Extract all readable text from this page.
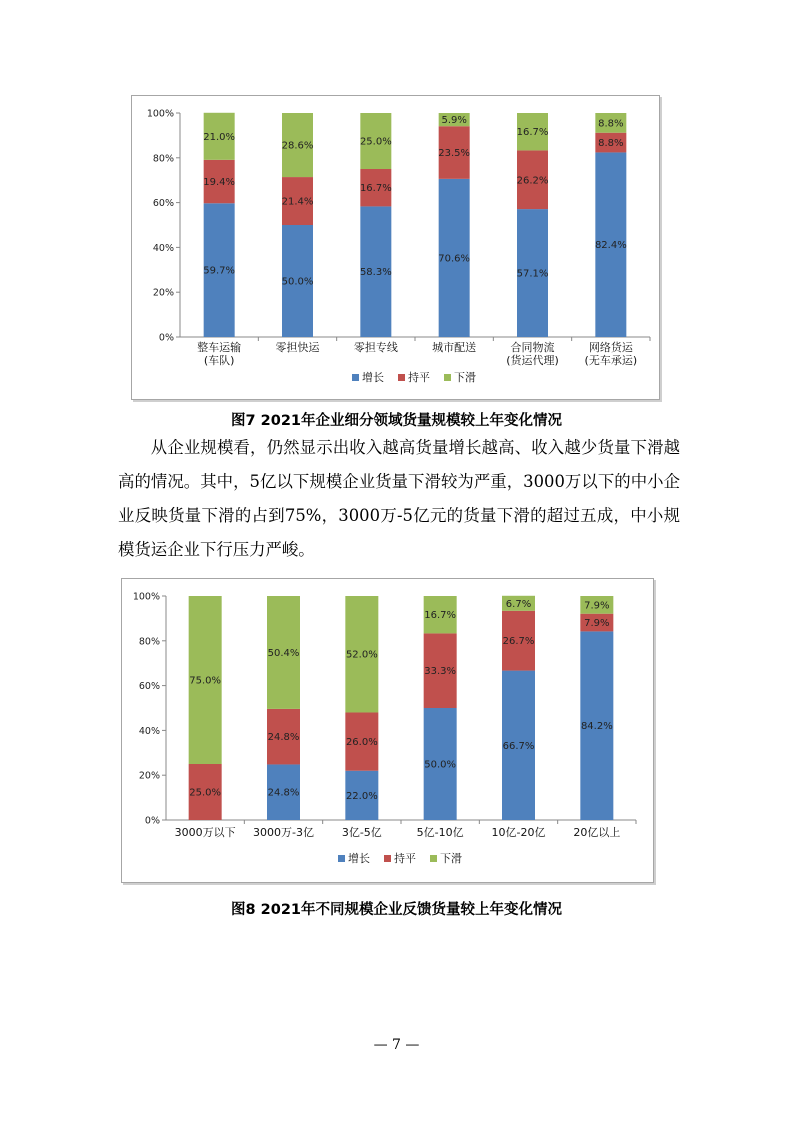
0%
20%
40%
60%
80%
100%
59.7%
19.4%
21.0%
整车运输
(车队)
50.0%
21.4%
28.6%
零担快运
58.3%
16.7%
25.0%
零担专线
70.6%
23.5%
5.9%
城市配送
57.1%
26.2%
16.7%
合同物流
(货运代理)
82.4%
8.8%
8.8%
网络货运
(无车承运)
增长 持平 下滑
图7 2021年企业细分领域货量规模较上年变化情况

从企业规模看，仍然显示出收入越高货量增长越高、收入越少货量下滑越高的情况。其中，5亿以下规模企业货量下滑较为严重，3000万以下的中小企业反映货量下滑的占到75%，3000万-5亿元的货量下滑的超过五成，中小规模货运企业下行压力严峻。

0%
20%
40%
60%
80%
100%
25.0%
75.0%
3000万以下
24.8%
24.8%
50.4%
3000万-3亿
22.0%
26.0%
52.0%
3亿-5亿
50.0%
33.3%
16.7%
5亿-10亿
66.7%
26.7%
6.7%
10亿-20亿
84.2%
7.9%
7.9%
20亿以上
增长 持平 下滑
图8 2021年不同规模企业反馈货量较上年变化情况
— 7 —
